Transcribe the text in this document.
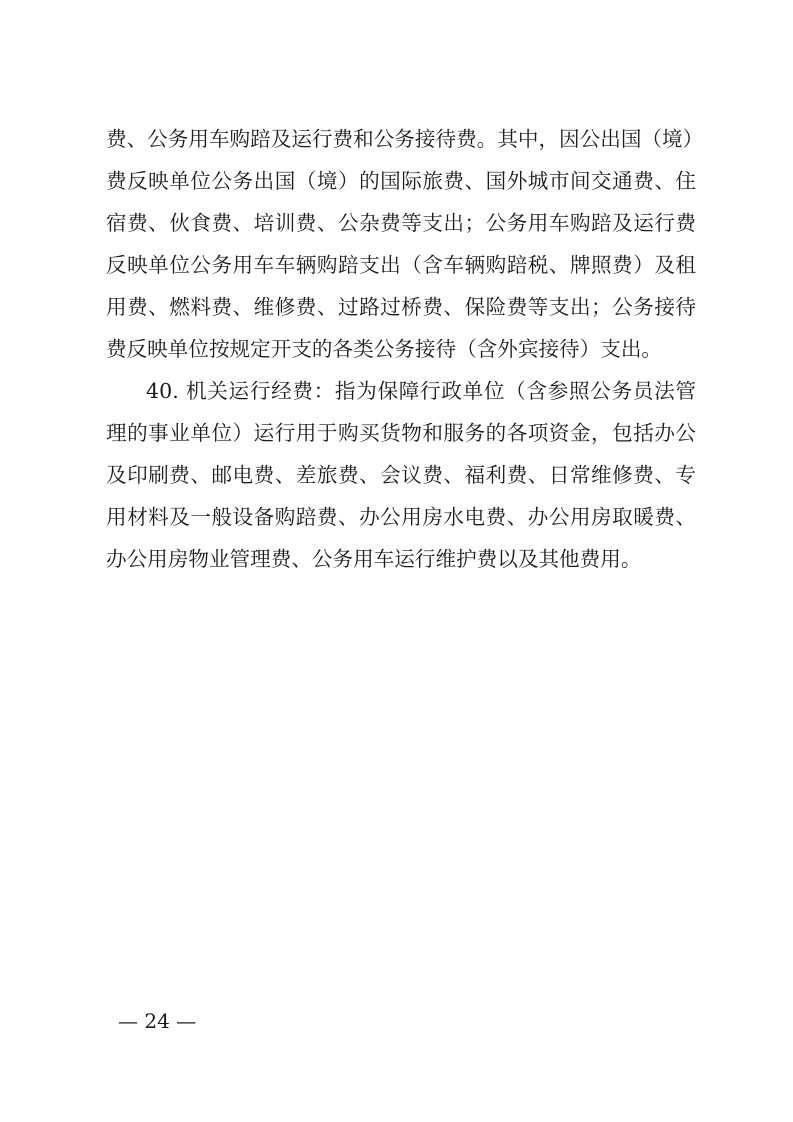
费、公务用车购踣及运行费和公务接待费。其中，因公出国（境）
费反映单位公务出国（境）的国际旅费、国外城市间交通费、住
宿费、伙食费、培训费、公杂费等支出；公务用车购踣及运行费
反映单位公务用车车辆购踣支出（含车辆购踣税、牌照费）及租
用费、燃料费、维修费、过路过桥费、保险费等支出；公务接待
费反映单位按规定开支的各类公务接待（含外宾接待）支出。
40. 机关运行经费：指为保障行政单位（含参照公务员法管
理的事业单位）运行用于购买货物和服务的各项资金，包括办公
及印刷费、邮电费、差旅费、会议费、福利费、日常维修费、专
用材料及一般设备购踣费、办公用房水电费、办公用房取暖费、
办公用房物业管理费、公务用车运行维护费以及其他费用。
— 24 —
